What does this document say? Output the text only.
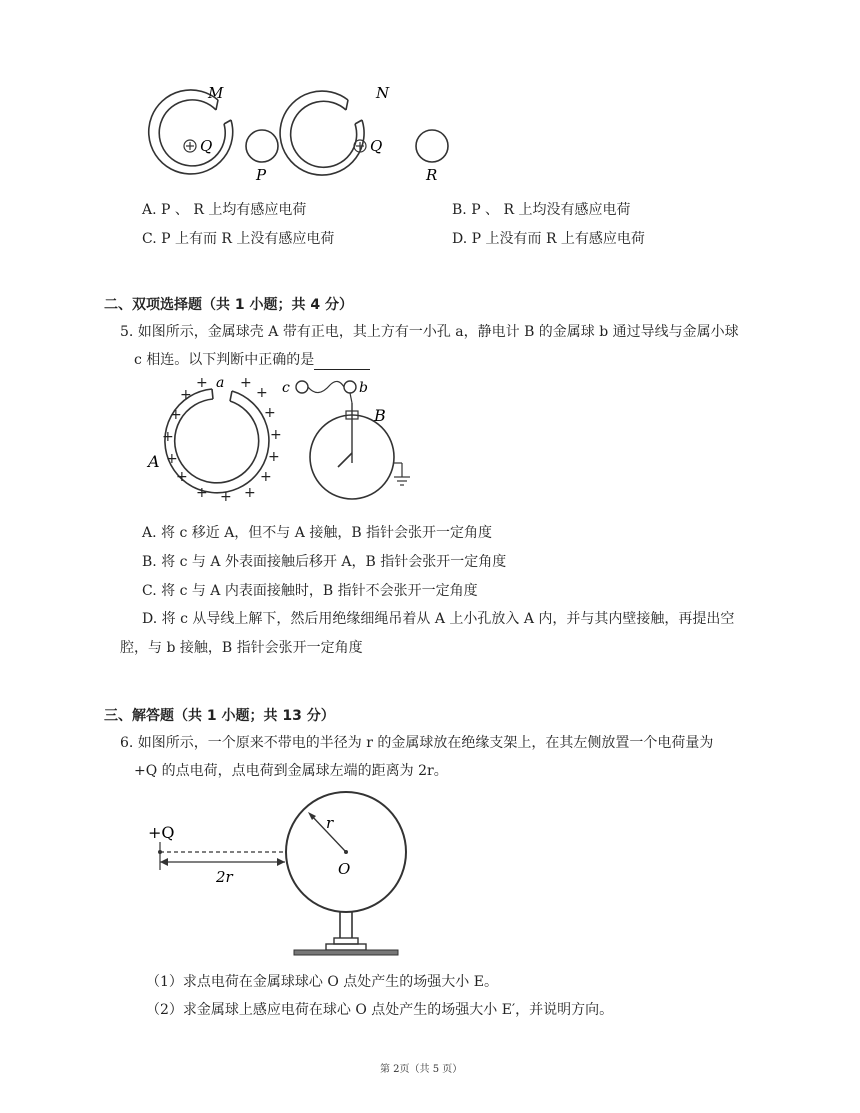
Q
M
P
Q
N
R
A. P 、 R 上均有感应电荷	B. P 、 R 上均没有感应电荷
C. P 上有而 R 上没有感应电荷	D. P 上没有而 R 上有感应电荷
二、双项选择题（共 1 小题；共 4 分）
5. 如图所示，金属球壳 A 带有正电，其上方有一小孔 a，静电计 B 的金属球 b 通过导线与金属小球
c 相连。以下判断中正确的是
a
A
+
+ +
+
+	+
+	+
+	+
+	+
+ + +
c	b
B
A. 将 c 移近 A，但不与 A 接触，B 指针会张开一定角度
B. 将 c 与 A 外表面接触后移开 A，B 指针会张开一定角度
C. 将 c 与 A 内表面接触时，B 指针不会张开一定角度
D. 将 c 从导线上解下，然后用绝缘细绳吊着从 A 上小孔放入 A 内，并与其内壁接触，再提出空
腔，与 b 接触，B 指针会张开一定角度
三、解答题（共 1 小题；共 13 分）
6. 如图所示，一个原来不带电的半径为 r 的金属球放在绝缘支架上，在其左侧放置一个电荷量为
+Q 的点电荷，点电荷到金属球左端的距离为 2r。
r
O
+Q
2r
（1）求点电荷在金属球球心 O 点处产生的场强大小 E。
（2）求金属球上感应电荷在球心 O 点处产生的场强大小 E′，并说明方向。
第 2页（共 5 页）
